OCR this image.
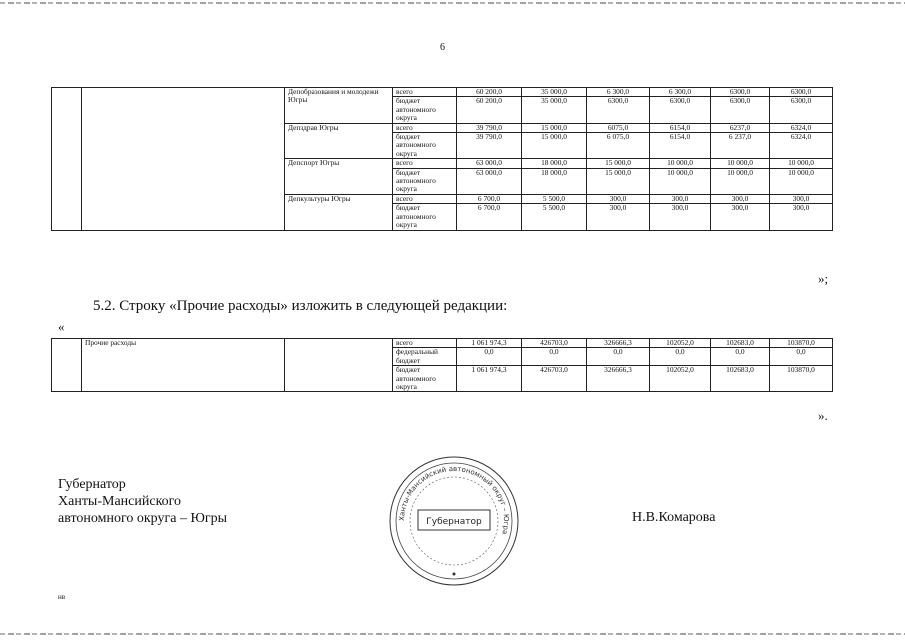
6
		Депобразования и молодежи Югры	всего	60 200,0	35 000,0	6 300,0	6 300,0	6300,0	6300,0
			бюджет автономного округа	60 200,0	35 000,0	6300,0	6300,0	6300,0	6300,0
		Депздрав Югры	всего	39 790,0	15 000,0	6075,0	6154,0	6237,0	6324,0
			бюджет автономного округа	39 790,0	15 000,0	6 075,0	6154,0	6 237,0	6324,0
		Депспорт Югры	всего	63 000,0	18 000,0	15 000,0	10 000,0	10 000,0	10 000,0
			бюджет автономного округа	63 000,0	18 000,0	15 000,0	10 000,0	10 000,0	10 000,0
		Депкультуры Югры	всего	6 700,0	5 500,0	300,0	300,0	300,0	300,0
			бюджет автономного округа	6 700,0	5 500,0	300,0	300,0	300,0	300,0
»;
5.2. Строку «Прочие расходы» изложить в следующей редакции:
«
	Прочие расходы		всего	1 061 974,3	426703,0	326666,3	102052,0	102683,0	103870,0
			федеральный бюджет	0,0	0,0	0,0	0,0	0,0	0,0
			бюджет автономного округа	1 061 974,3	426703,0	326666,3	102052,0	102683,0	103870,0
».
Губернатор
Ханты-Мансийского
автономного округа – Югры	Ханты-Мансийский автономный округ – Югра
Губернатор	Н.В.Комарова
нв
